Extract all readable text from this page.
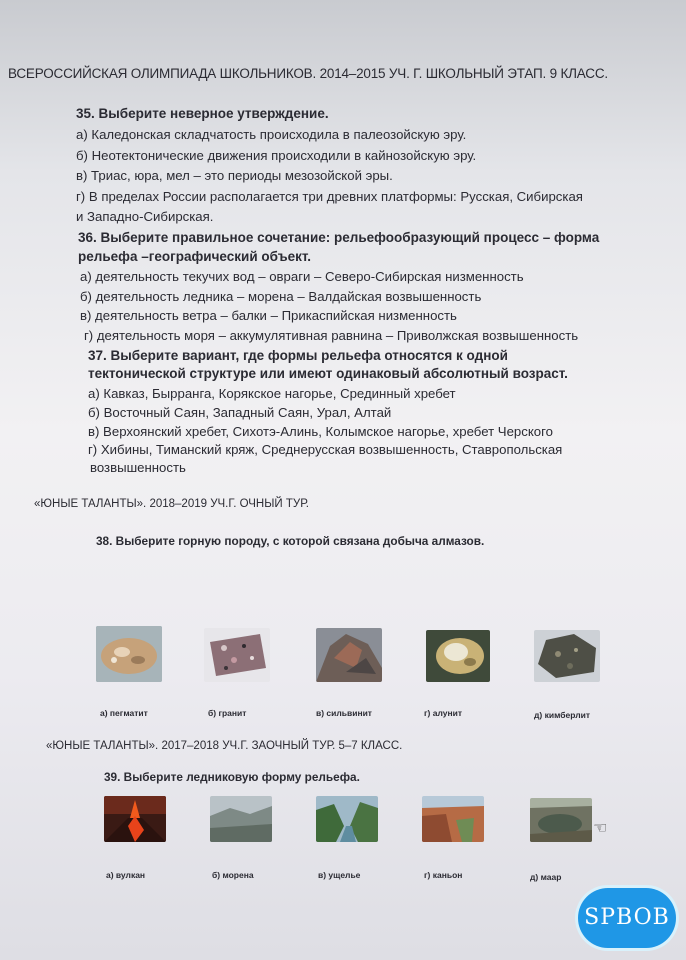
ВСЕРОССИЙСКАЯ ОЛИМПИАДА ШКОЛЬНИКОВ. 2014–2015 УЧ. Г. ШКОЛЬНЫЙ ЭТАП. 9 КЛАСС.
35. Выберите неверное утверждение.
а) Каледонская складчатость происходила в палеозойскую эру.
б) Неотектонические движения происходили в кайнозойскую эру.
в) Триас, юра, мел – это периоды мезозойской эры.
г) В пределах России располагается три древних платформы: Русская, Сибирская
и Западно-Сибирская.
36. Выберите правильное сочетание: рельефообразующий процесс – форма
рельефа –географический объект.
а) деятельность текучих вод – овраги – Северо-Сибирская низменность
б) деятельность ледника – морена – Валдайская возвышенность
в) деятельность ветра – балки – Прикаспийская низменность
г) деятельность моря – аккумулятивная равнина – Приволжская возвышенность
37. Выберите вариант, где формы рельефа относятся к одной
тектонической структуре или имеют одинаковый абсолютный возраст.
а) Кавказ, Бырранга, Корякское нагорье, Срединный хребет
б) Восточный Саян, Западный Саян, Урал, Алтай
в) Верхоянский хребет, Сихотэ-Алинь, Колымское нагорье, хребет Черского
г) Хибины, Тиманский кряж, Среднерусская возвышенность, Ставропольская
возвышенность
«ЮНЫЕ ТАЛАНТЫ». 2018–2019 УЧ.Г. ОЧНЫЙ ТУР.
38. Выберите горную породу, с которой связана добыча алмазов.
а) пегматит	б) гранит	в) сильвинит	г) алунит	д) кимберлит
«ЮНЫЕ ТАЛАНТЫ». 2017–2018 УЧ.Г. ЗАОЧНЫЙ ТУР. 5–7 КЛАСС.
39. Выберите ледниковую форму рельефа.
а) вулкан	б) морена	в) ущелье	г) каньон	д) маар
☜
SPBOB
